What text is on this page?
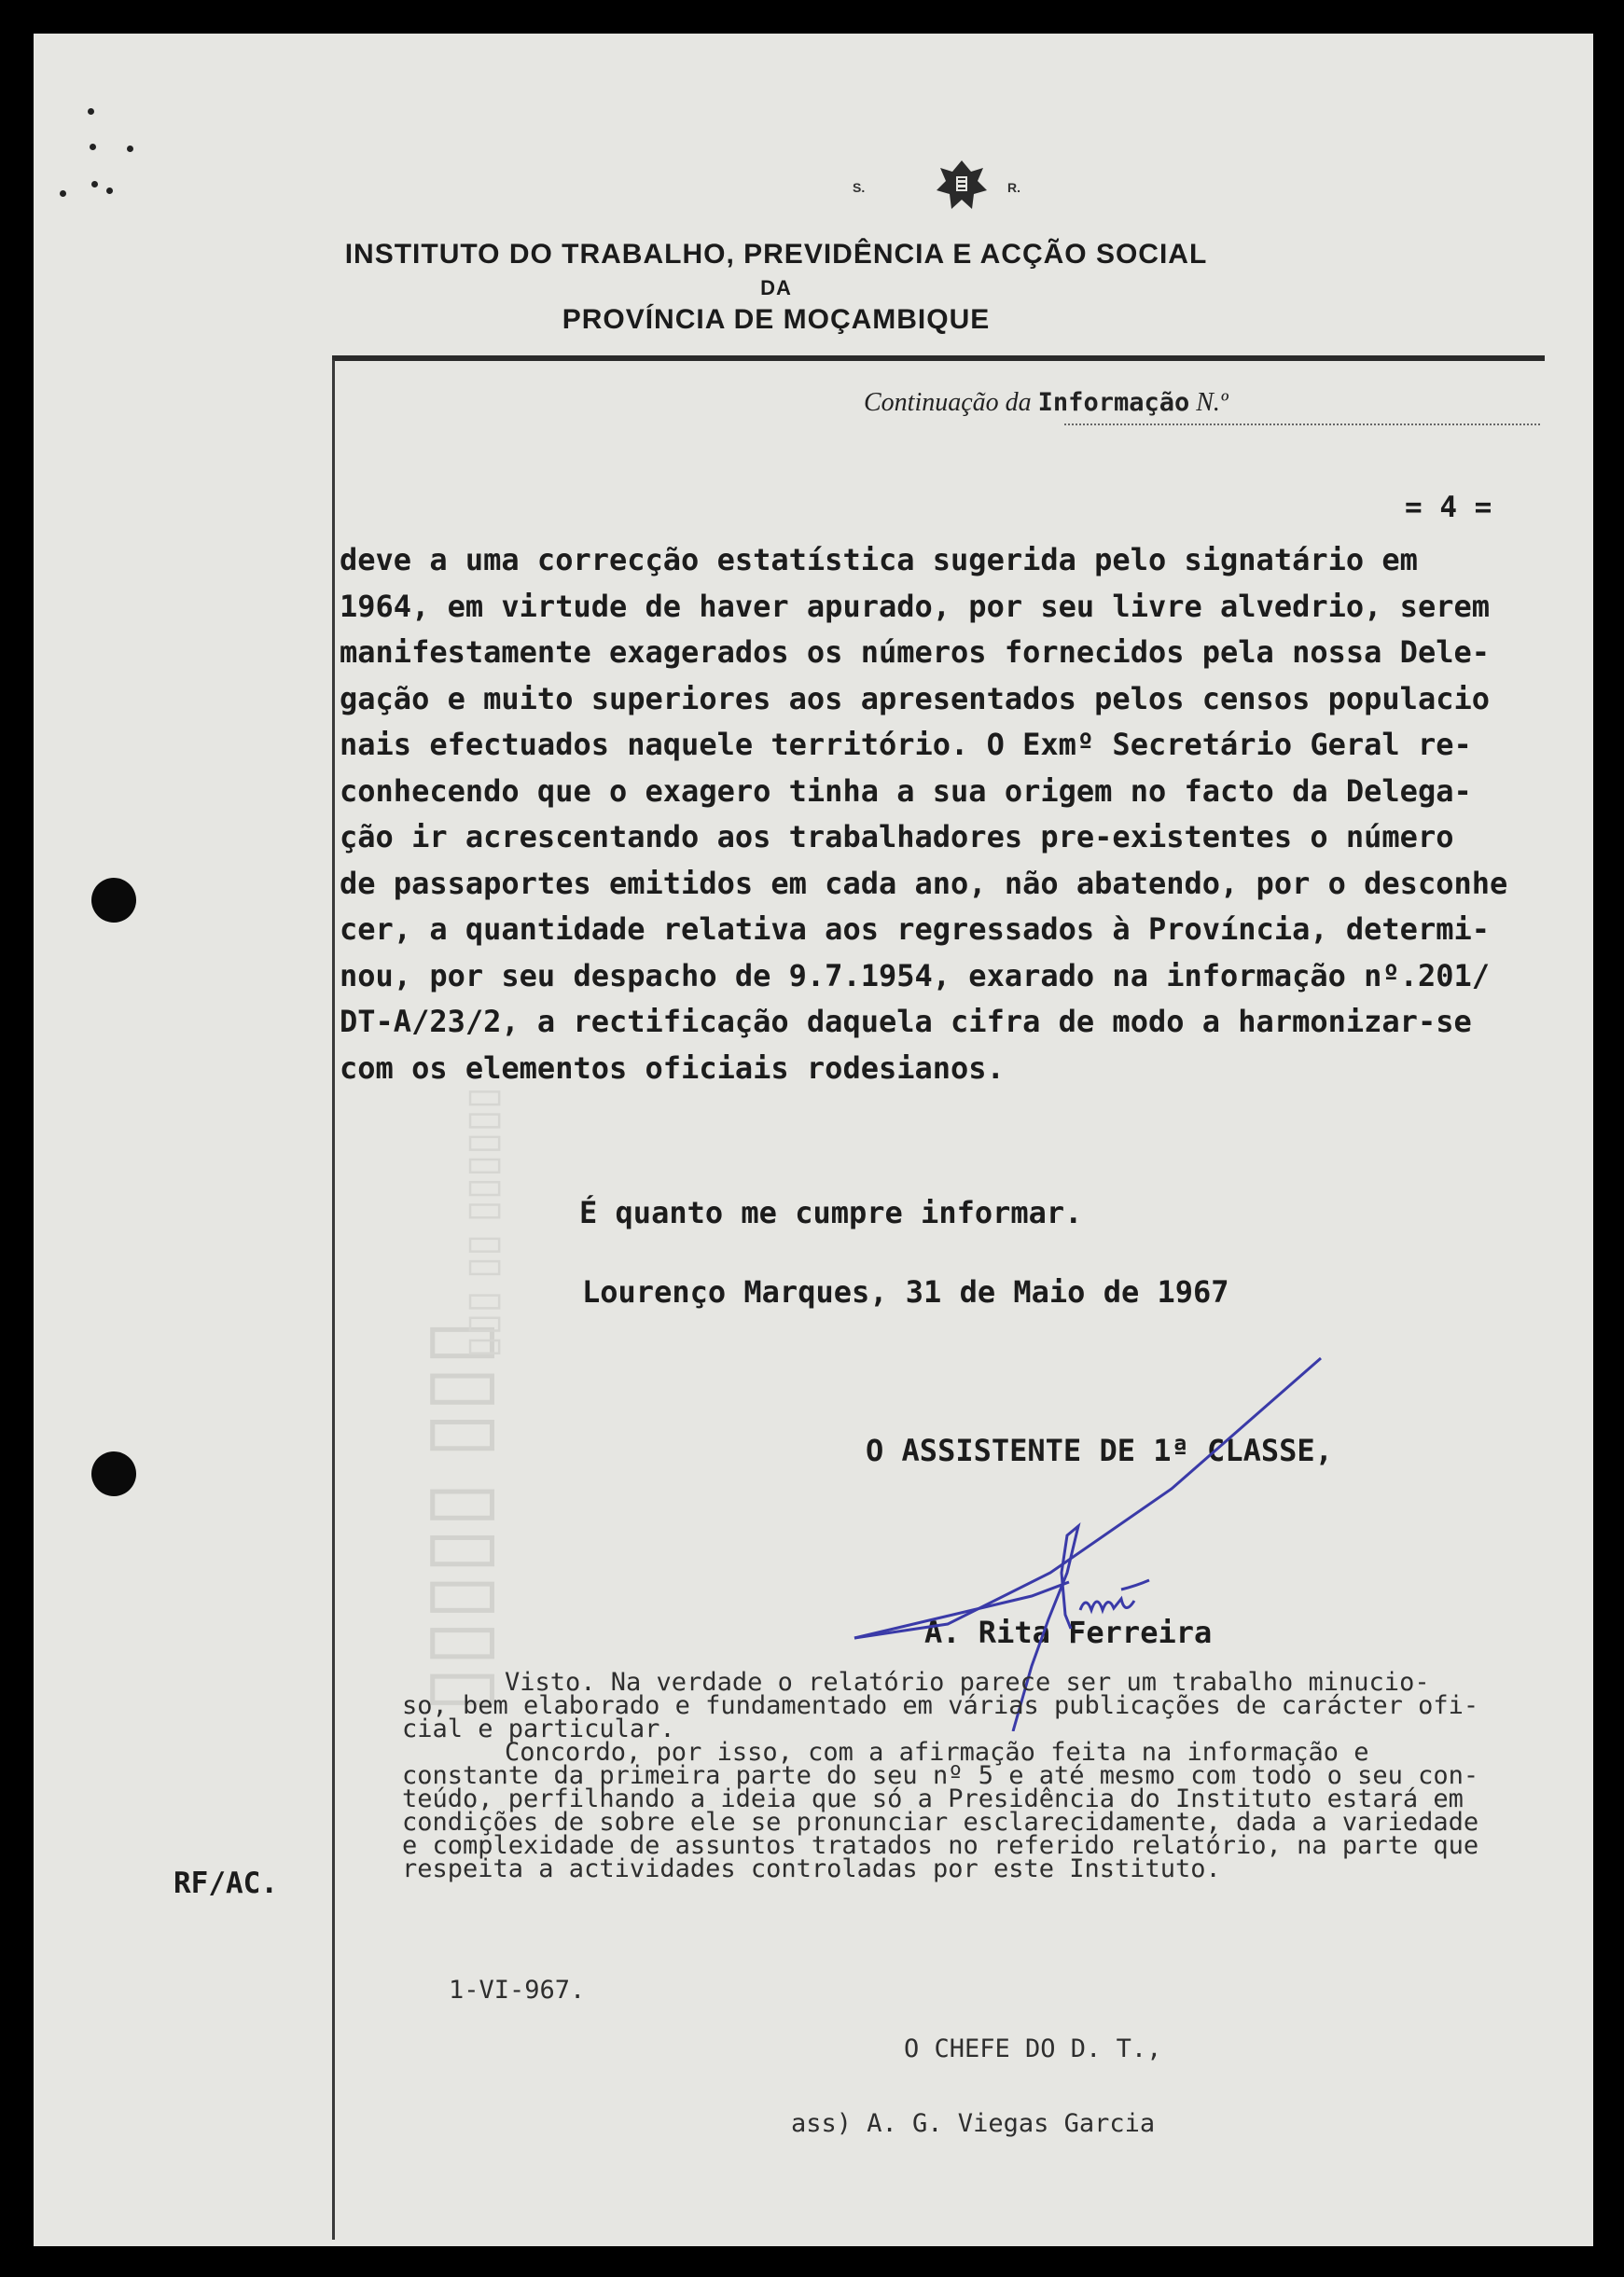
▯▯▯▯▯ ▯▯▯
▯▯▯ ▯▯ ▯▯▯▯▯▯
S.	R.
INSTITUTO DO TRABALHO, PREVIDÊNCIA E ACÇÃO SOCIAL
DA
PROVÍNCIA DE MOÇAMBIQUE
Continuação da Informação N.º
= 4 =
deve a uma correcção estatística sugerida pelo signatário em
1964, em virtude de haver apurado, por seu livre alvedrio, serem
manifestamente exagerados os números fornecidos pela nossa Dele-
gação e muito superiores aos apresentados pelos censos populacio
nais efectuados naquele território. O Exmº Secretário Geral re-
conhecendo que o exagero tinha a sua origem no facto da Delega-
ção ir acrescentando aos trabalhadores pre-existentes o número
de passaportes emitidos em cada ano, não abatendo, por o desconhe
cer, a quantidade relativa aos regressados à Província, determi-
nou, por seu despacho de 9.7.1954, exarado na informação nº.201/
DT-A/23/2, a rectificação daquela cifra de modo a harmonizar-se
com os elementos oficiais rodesianos.
É quanto me cumpre informar.
Lourenço Marques, 31 de Maio de 1967
O ASSISTENTE DE 1ª CLASSE,
A. Rita Ferreira
Visto. Na verdade o relatório parece ser um trabalho minucio-
so, bem elaborado e fundamentado em várias publicações de carácter ofi-
cial e particular.
Concordo, por isso, com a afirmação feita na informação e
constante da primeira parte do seu nº 5 e até mesmo com todo o seu con-
teúdo, perfilhando a ideia que só a Presidência do Instituto estará em
condições de sobre ele se pronunciar esclarecidamente, dada a variedade
e complexidade de assuntos tratados no referido relatório, na parte que
respeita a actividades controladas por este Instituto.
1-VI-967.
O CHEFE DO D. T.,
ass) A. G. Viegas Garcia
RF/AC.
